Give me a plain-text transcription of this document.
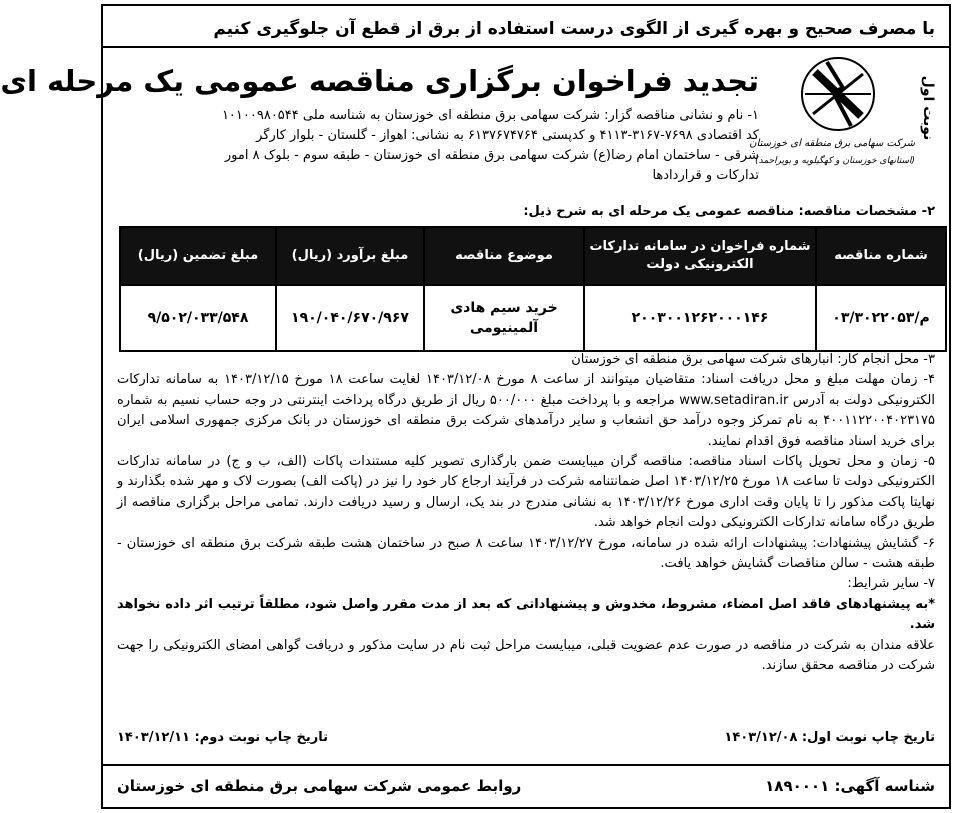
با مصرف صحیح و بهره گیری از الگوی درست استفاده از برق از قطع آن جلوگیری کنیم
نوبت اول
شرکت سهامی برق منطقه ای خوزستان
(استانهای خوزستان و کهگیلویه و بویراحمد)
تجدید فراخوان برگزاری مناقصه عمومی یک مرحله ای
۱- نام و نشانی مناقصه گزار: شرکت سهامی برق منطقه ای خوزستان به شناسه ملی ۱۰۱۰۰۹۸۰۵۴۴
کد اقتصادی ۷۶۹۸-۳۱۶۷-۴۱۱۳ و کدپستی ۶۱۳۷۶۷۴۷۶۴ به نشانی: اهواز - گلستان - بلوار کارگر
شرقی - ساختمان امام رضا(ع) شرکت سهامی برق منطقه ای خوزستان - طبقه سوم - بلوک ۸ امور
تدارکات و قراردادها
۲- مشخصات مناقصه: مناقصه عمومی یک مرحله ای به شرح ذیل:
شماره مناقصه	شماره فراخوان در سامانه تدارکات الکترونیکی دولت	موضوع مناقصه	مبلغ برآورد (ریال)	مبلغ تضمین (ریال)
م/۰۳/۳۰۲۲۰۵۳	۲۰۰۳۰۰۱۲۶۲۰۰۰۱۴۶	خرید سیم هادی آلمینیومی	۱۹۰/۰۴۰/۶۷۰/۹۶۷	۹/۵۰۲/۰۳۳/۵۴۸

۳- محل انجام کار: انبارهای شرکت سهامی برق منطقه ای خوزستان

۴- زمان مهلت مبلغ و محل دریافت اسناد: متقاضیان میتوانند از ساعت ۸ مورخ ۱۴۰۳/۱۲/۰۸ لغایت ساعت ۱۸ مورخ ۱۴۰۳/۱۲/۱۵ به سامانه تدارکات الکترونیکی دولت به آدرس www.setadiran.ir مراجعه و با پرداخت مبلغ ۵۰۰/۰۰۰ ریال از طریق درگاه پرداخت اینترنتی در وجه حساب نسیم به شماره ۴۰۰۱۱۲۲۰۰۴۰۲۳۱۷۵ به نام تمرکز وجوه درآمد حق انشعاب و سایر درآمدهای شرکت برق منطقه ای خوزستان در بانک مرکزی جمهوری اسلامی ایران برای خرید اسناد مناقصه فوق اقدام نمایند.

۵- زمان و محل تحویل پاکات اسناد مناقصه: مناقصه گران میبایست ضمن بارگذاری تصویر کلیه مستندات پاکات (الف، ب و ج) در سامانه تدارکات الکترونیکی دولت تا ساعت ۱۸ مورخ ۱۴۰۳/۱۲/۲۵ اصل ضمانتنامه شرکت در فرآیند ارجاع کار خود را نیز در (پاکت الف) بصورت لاک و مهر شده بگذارند و نهایتا پاکت مذکور را تا پایان وقت اداری مورخ ۱۴۰۳/۱۲/۲۶ به نشانی مندرج در بند یک، ارسال و رسید دریافت دارند. تمامی مراحل برگزاری مناقصه از طریق درگاه سامانه تدارکات الکترونیکی دولت انجام خواهد شد.

۶- گشایش پیشنهادات: پیشنهادات ارائه شده در سامانه، مورخ ۱۴۰۳/۱۲/۲۷ ساعت ۸ صبح در ساختمان هشت طبقه شرکت برق منطقه ای خوزستان - طبقه هشت - سالن مناقصات گشایش خواهد یافت.

۷- سایر شرایط:

*به پیشنهادهای فاقد اصل امضاء، مشروط، مخدوش و پیشنهاداتی که بعد از مدت مقرر واصل شود، مطلقاً ترتیب اثر داده نخواهد شد.

علاقه مندان به شرکت در مناقصه در صورت عدم عضویت قبلی، میبایست مراحل ثبت نام در سایت مذکور و دریافت گواهی امضای الکترونیکی را جهت شرکت در مناقصه محقق سازند.

تاریخ چاپ نوبت اول: ۱۴۰۳/۱۲/۰۸
تاریخ چاپ نوبت دوم: ۱۴۰۳/۱۲/۱۱
شناسه آگهی: ۱۸۹۰۰۰۱
روابط عمومی شرکت سهامی برق منطقه ای خوزستان
